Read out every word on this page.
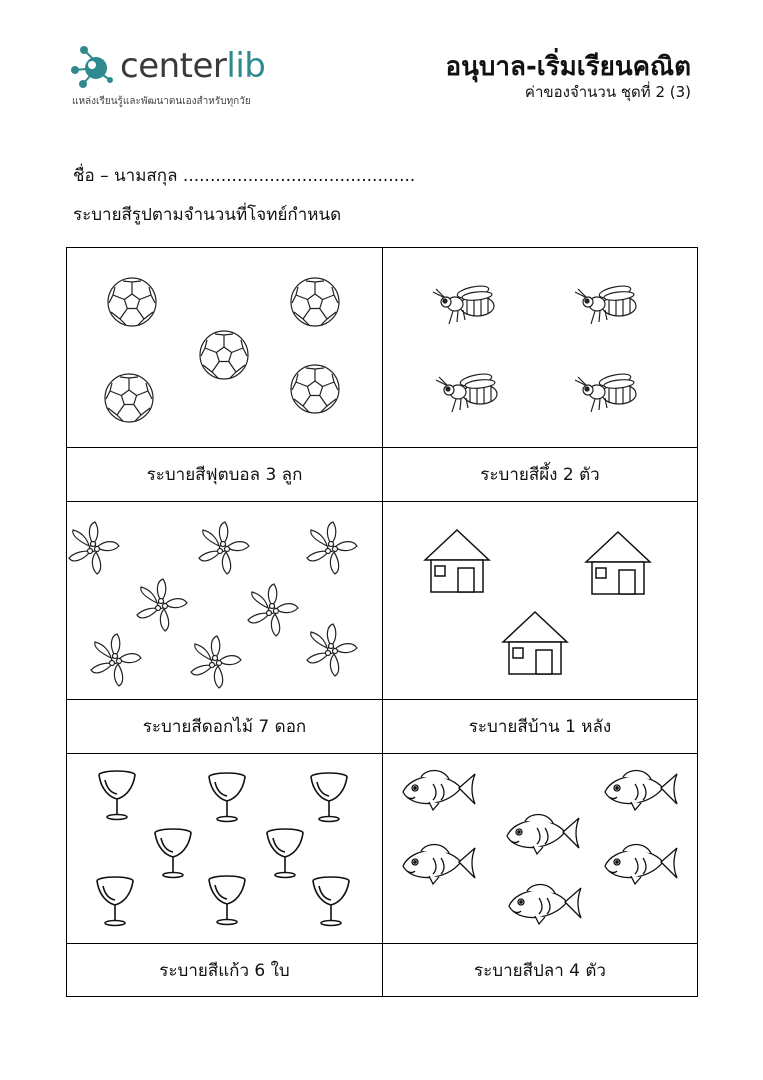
centerlib
แหล่งเรียนรู้และพัฒนาตนเองสำหรับทุกวัย
อนุบาล-เริ่มเรียนคณิต
ค่าของจำนวน ชุดที่ 2 (3)
ชื่อ – นามสกุล ...........................................
ระบายสีรูปตามจำนวนที่โจทย์กำหนด
ระบายสีฟุตบอล 3 ลูก	ระบายสีผึ้ง 2 ตัว
ระบายสีดอกไม้ 7 ดอก	ระบายสีบ้าน 1 หลัง
ระบายสีแก้ว 6 ใบ	ระบายสีปลา 4 ตัว
